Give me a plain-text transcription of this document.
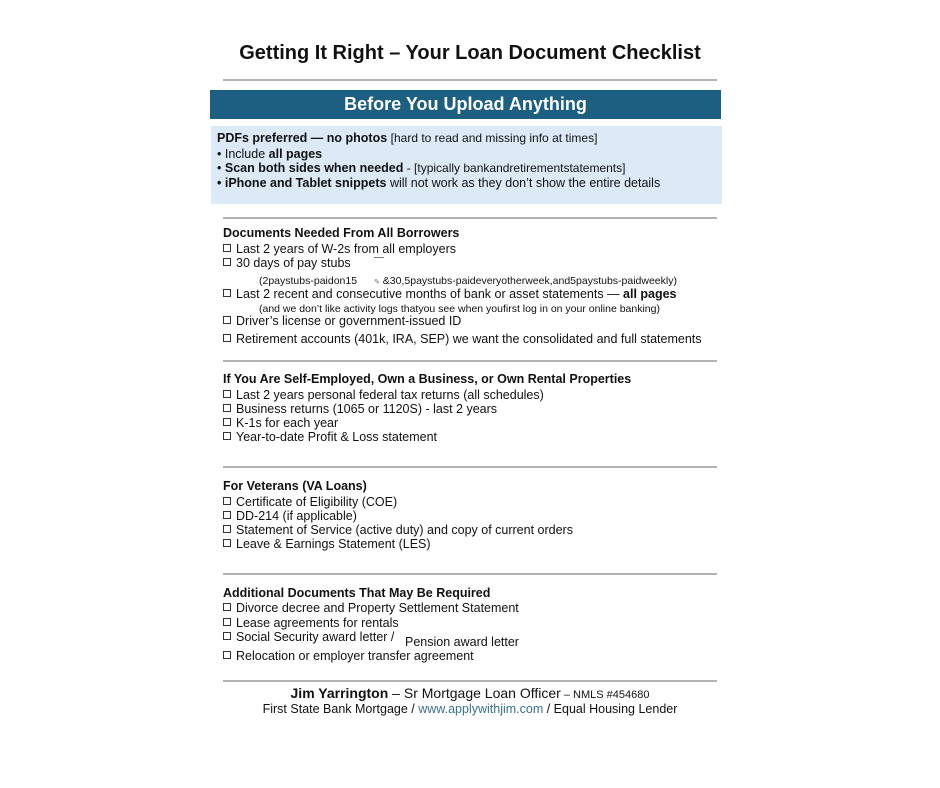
Getting It Right – Your Loan Document Checklist
Before You Upload Anything
PDFs preferred — no photos [hard to read and missing info at times]
• Include all pages
• Scan both sides when needed - [typically bankandretirementstatements]
• iPhone and Tablet snippets will not work as they don’t show the entire details
Documents Needed From All Borrowers
Last 2 years of W-2s from all employers
30 days of pay stubs
(2paystubs-paidon15 ✎ &30,5paystubs-paideveryotherweek,and5paystubs-paidweekly)
Last 2 recent and consecutive months of bank or asset statements — all pages
(and we don’t like activity logs thatyou see when youfirst log in on your online banking)
Driver’s license or government-issued ID
Retirement accounts (401k, IRA, SEP) we want the consolidated and full statements
If You Are Self-Employed, Own a Business, or Own Rental Properties
Last 2 years personal federal tax returns (all schedules)
Business returns (1065 or 1120S) - last 2 years
K-1s for each year
Year-to-date Profit & Loss statement
For Veterans (VA Loans)
Certificate of Eligibility (COE)
DD-214 (if applicable)
Statement of Service (active duty) and copy of current orders
Leave & Earnings Statement (LES)
Additional Documents That May Be Required
Divorce decree and Property Settlement Statement
Lease agreements for rentals
Social Security award letter / Pension award letter
Relocation or employer transfer agreement
Jim Yarrington – Sr Mortgage Loan Officer – NMLS #454680
First State Bank Mortgage / www.applywithjim.com / Equal Housing Lender
